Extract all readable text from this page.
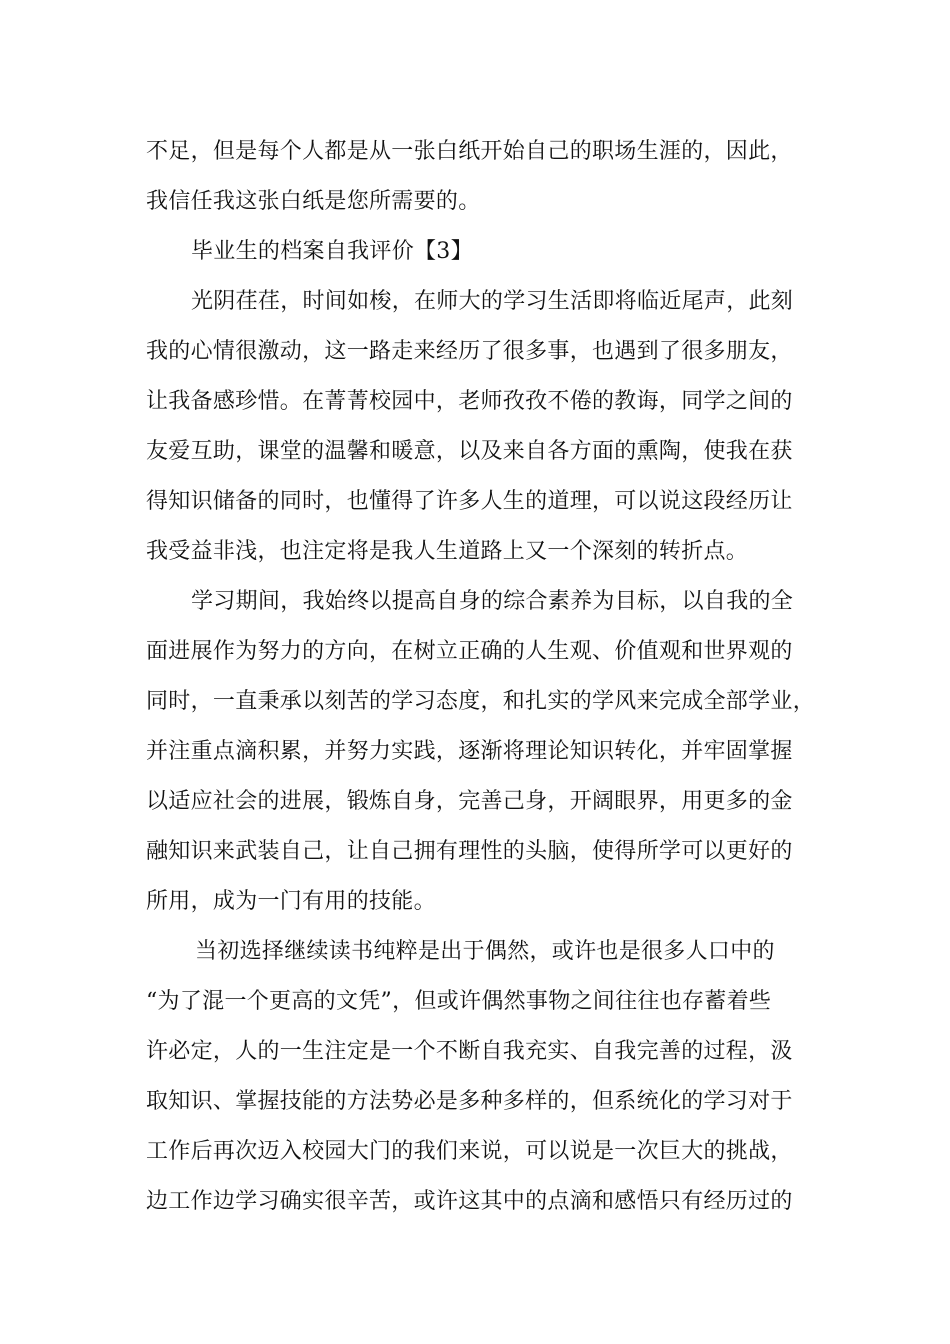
不足，但是每个人都是从一张白纸开始自己的职场生涯的，因此，

我信任我这张白纸是您所需要的。

毕业生的档案自我评价【3】

光阴荏荏，时间如梭，在师大的学习生活即将临近尾声，此刻

我的心情很激动，这一路走来经历了很多事，也遇到了很多朋友，

让我备感珍惜。在菁菁校园中，老师孜孜不倦的教诲，同学之间的

友爱互助，课堂的温馨和暖意，以及来自各方面的熏陶，使我在获

得知识储备的同时，也懂得了许多人生的道理，可以说这段经历让

我受益非浅，也注定将是我人生道路上又一个深刻的转折点。

学习期间，我始终以提高自身的综合素养为目标，以自我的全

面进展作为努力的方向，在树立正确的人生观、价值观和世界观的

同时，一直秉承以刻苦的学习态度，和扎实的学风来完成全部学业，

并注重点滴积累，并努力实践，逐渐将理论知识转化，并牢固掌握

以适应社会的进展，锻炼自身，完善己身，开阔眼界，用更多的金

融知识来武装自己，让自己拥有理性的头脑，使得所学可以更好的

所用，成为一门有用的技能。

当初选择继续读书纯粹是出于偶然，或许也是很多人口中的

“为了混一个更高的文凭”，但或许偶然事物之间往往也存蓄着些

许必定，人的一生注定是一个不断自我充实、自我完善的过程，汲

取知识、掌握技能的方法势必是多种多样的，但系统化的学习对于

工作后再次迈入校园大门的我们来说，可以说是一次巨大的挑战，

边工作边学习确实很辛苦，或许这其中的点滴和感悟只有经历过的
